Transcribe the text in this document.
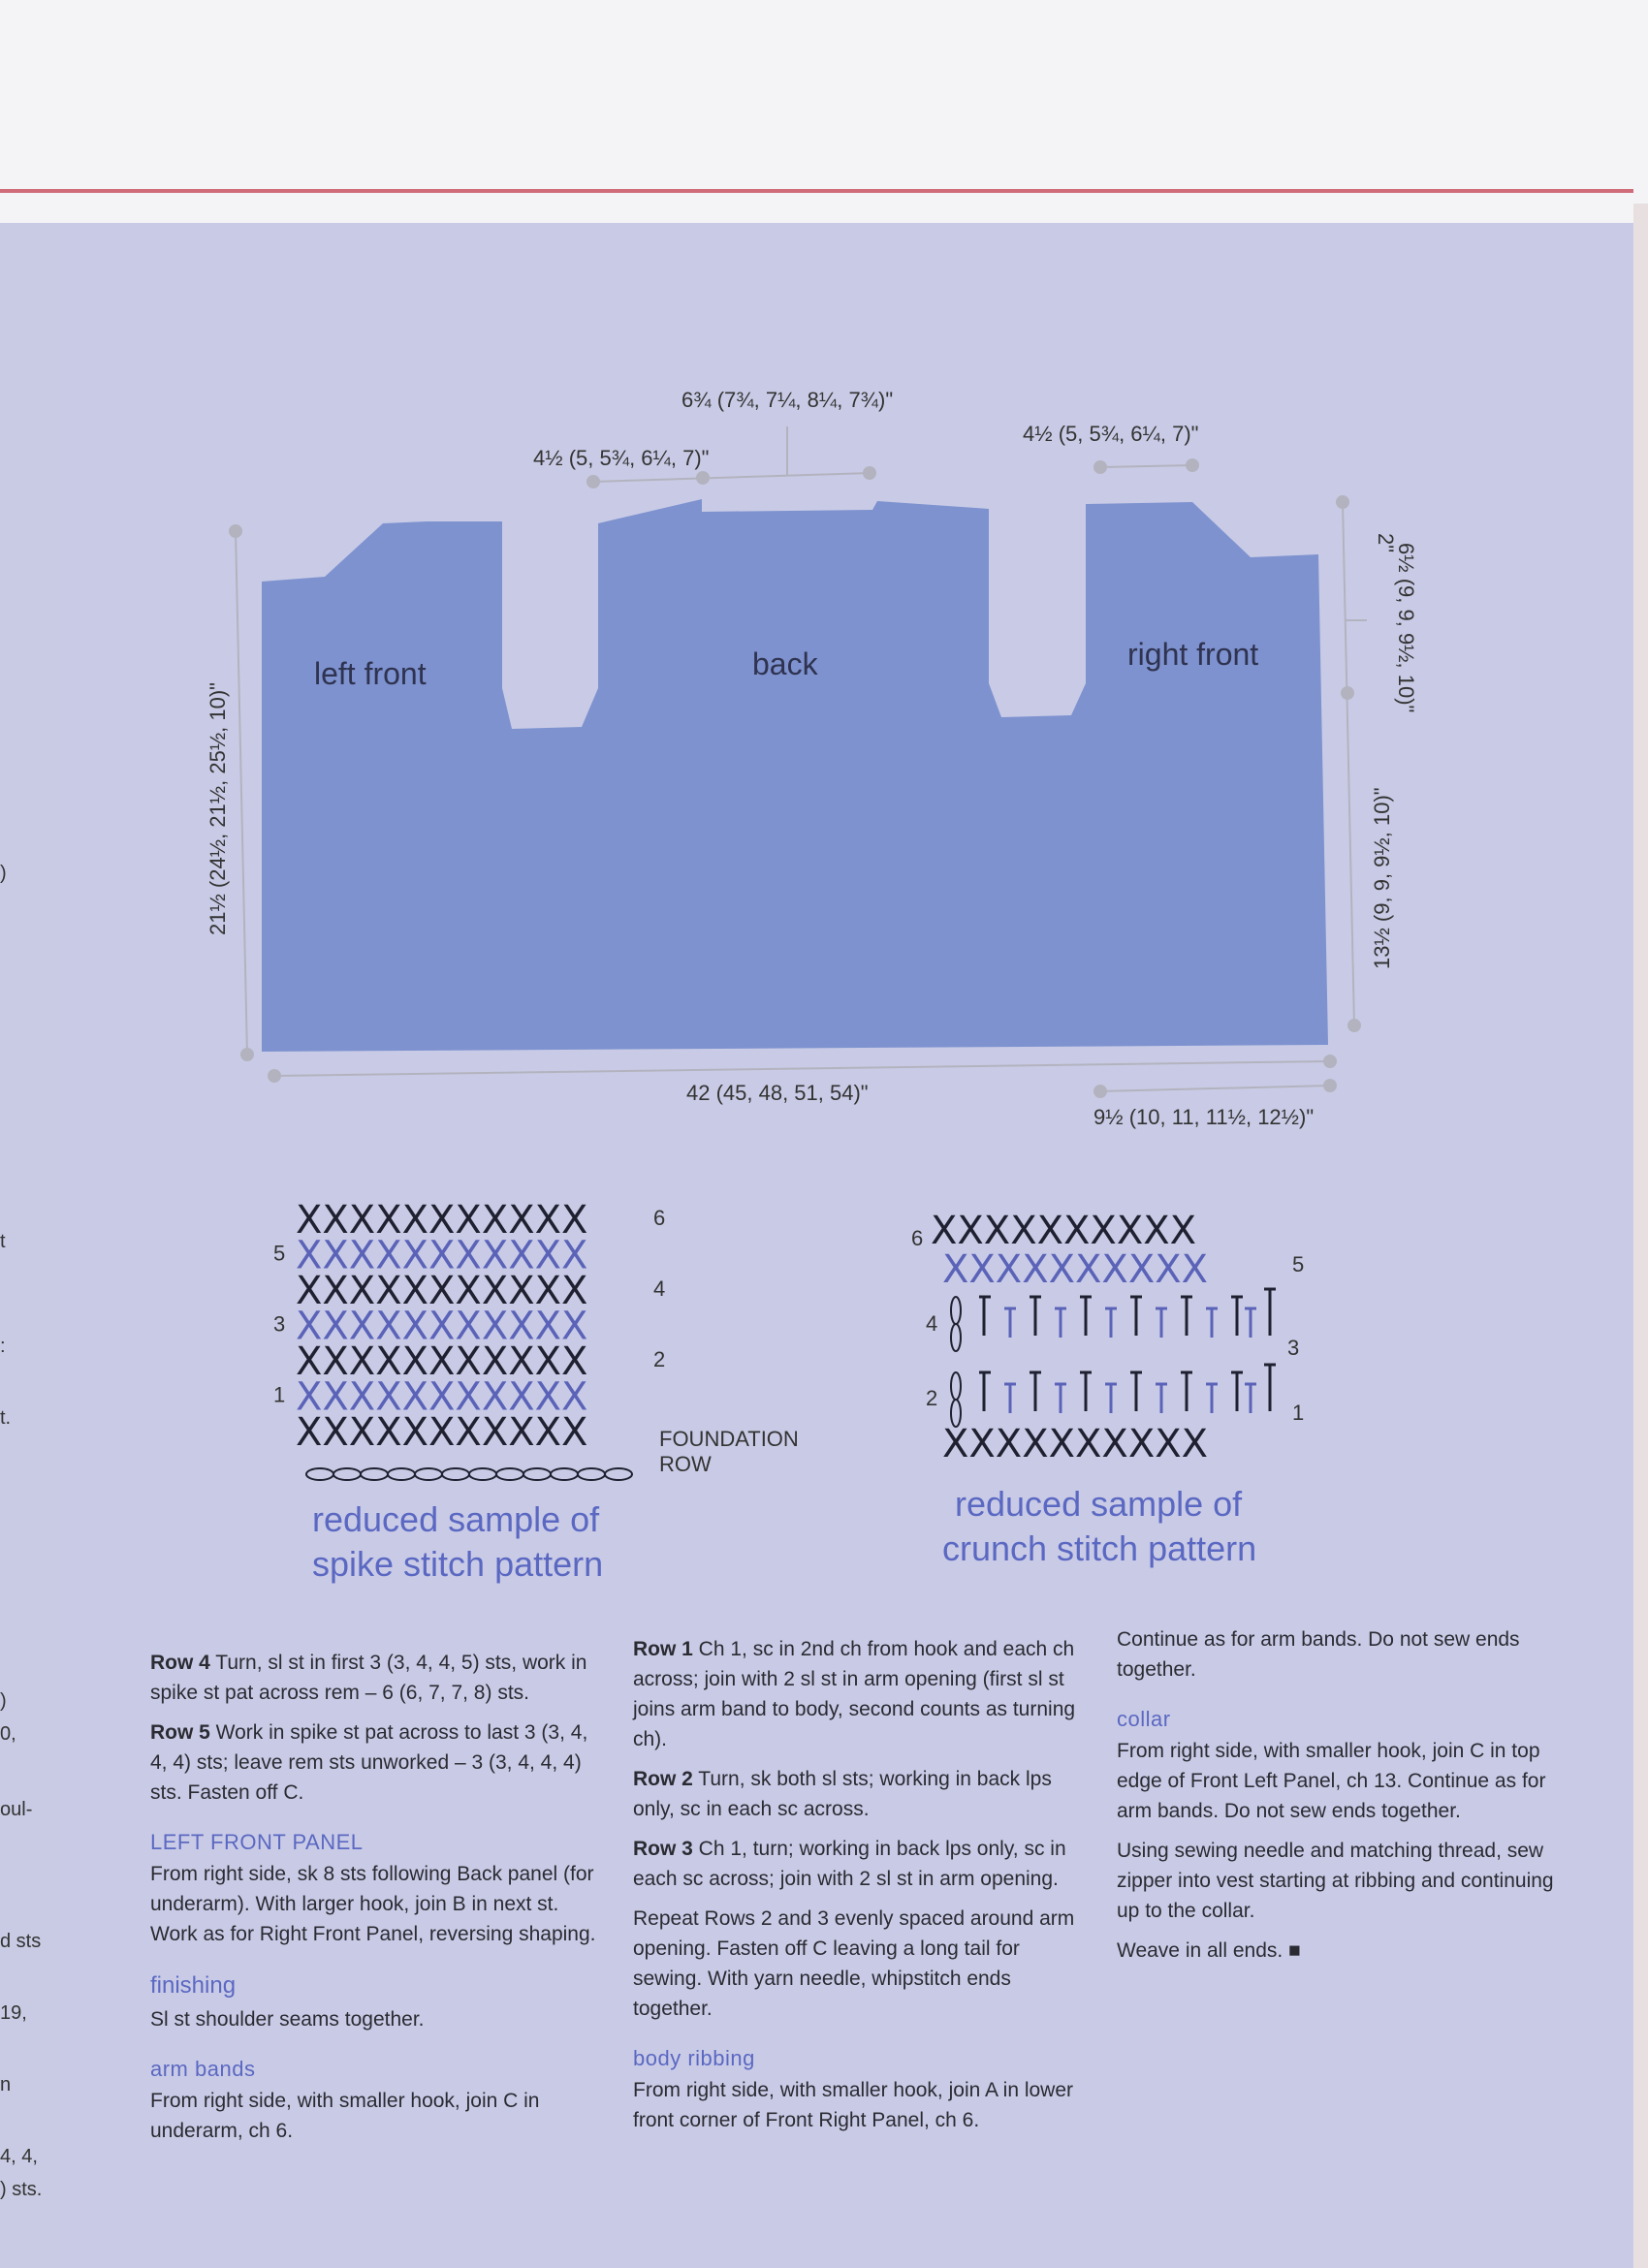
)
t
:
t.
)
0,
oul-
d sts
19,
n
4, 4,
) sts.
left front	back	right front
6¾ (7¾, 7¼, 8¼, 7¾)"
4½ (5, 5¾, 6¼, 7)"
4½ (5, 5¾, 6¼, 7)"
42 (45, 48, 51, 54)"
9½ (10, 11, 11½, 12½)"
21½ (24½, 21½, 25½, 10)"
2"
6½ (9, 9, 9½, 10)"
13½ (9, 9, 9½, 10)"
XXXXXXXXXXX	6
XXXXXXXXXXX
5
XXXXXXXXXXX	4
XXXXXXXXXXX
3
XXXXXXXXXXX	2
XXXXXXXXXXX
1
XXXXXXXXXXX	FOUNDATION
ROW
reduced sample of
spike stitch pattern
XXXXXXXXXX
XXXXXXXXXX
XXXXXXXXXX
6
5
4
3
2
1
reduced sample of
crunch stitch pattern

Row 4 Turn, sl st in first 3 (3, 4, 4, 5) sts, work in spike st pat across rem – 6 (6, 7, 7, 8) sts.

Row 5 Work in spike st pat across to last 3 (3, 4, 4, 4) sts; leave rem sts unworked – 3 (3, 4, 4, 4) sts. Fasten off C.

LEFT FRONT PANEL

From right side, sk 8 sts following Back panel (for underarm). With larger hook, join B in next st. Work as for Right Front Panel, reversing shaping.

finishing

Sl st shoulder seams together.

arm bands

From right side, with smaller hook, join C in underarm, ch 6.

Row 1 Ch 1, sc in 2nd ch from hook and each ch across; join with 2 sl st in arm opening (first sl st joins arm band to body, second counts as turning ch).

Row 2 Turn, sk both sl sts; working in back lps only, sc in each sc across.

Row 3 Ch 1, turn; working in back lps only, sc in each sc across; join with 2 sl st in arm opening.

Repeat Rows 2 and 3 evenly spaced around arm opening. Fasten off C leaving a long tail for sewing. With yarn needle, whipstitch ends together.

body ribbing

From right side, with smaller hook, join A in lower front corner of Front Right Panel, ch 6.

Continue as for arm bands. Do not sew ends together.

collar

From right side, with smaller hook, join C in top edge of Front Left Panel, ch 13. Continue as for arm bands. Do not sew ends together.

Using sewing needle and matching thread, sew zipper into vest starting at ribbing and continuing up to the collar.

Weave in all ends. ■
